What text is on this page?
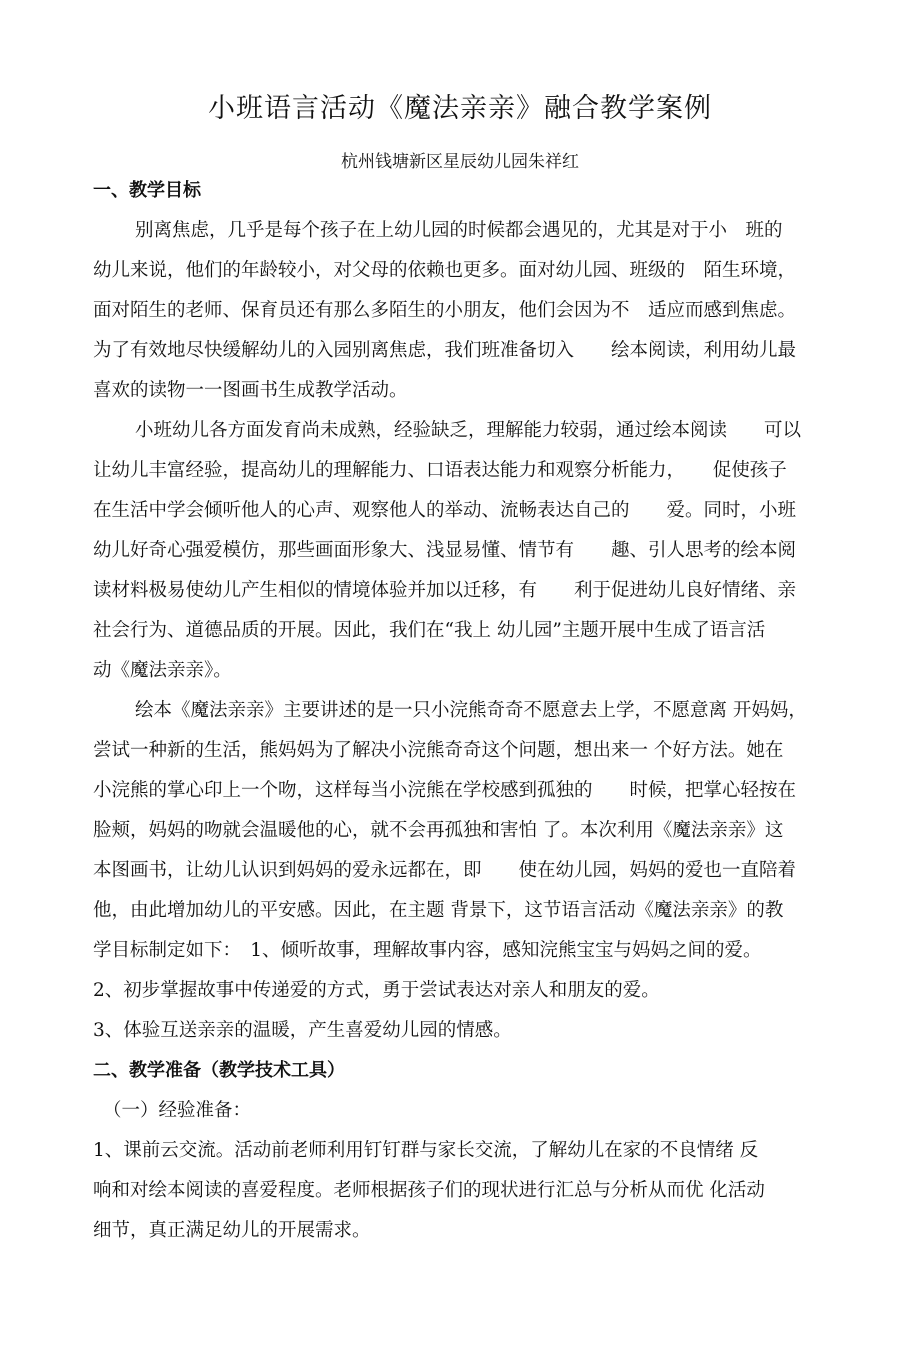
小班语言活动《魔法亲亲》融合教学案例
杭州钱塘新区星辰幼儿园朱祥红
一、教学目标
别离焦虑，几乎是每个孩子在上幼儿园的时候都会遇见的，尤其是对于小　班的
幼儿来说，他们的年龄较小，对父母的依赖也更多。面对幼儿园、班级的　陌生环境，
面对陌生的老师、保育员还有那么多陌生的小朋友，他们会因为不　适应而感到焦虑。
为了有效地尽快缓解幼儿的入园别离焦虑，我们班准备切入　　绘本阅读，利用幼儿最
喜欢的读物一一图画书生成教学活动。
小班幼儿各方面发育尚未成熟，经验缺乏，理解能力较弱，通过绘本阅读　　可以
让幼儿丰富经验，提高幼儿的理解能力、口语表达能力和观察分析能力，　　促使孩子
在生活中学会倾听他人的心声、观察他人的举动、流畅表达自己的　　爱。同时，小班
幼儿好奇心强爱模仿，那些画面形象大、浅显易懂、情节有　　趣、引人思考的绘本阅
读材料极易使幼儿产生相似的情境体验并加以迁移，有　　利于促进幼儿良好情绪、亲
社会行为、道德品质的开展。因此，我们在“我上 幼儿园”主题开展中生成了语言活
动《魔法亲亲》。
绘本《魔法亲亲》主要讲述的是一只小浣熊奇奇不愿意去上学，不愿意离 开妈妈，
尝试一种新的生活，熊妈妈为了解决小浣熊奇奇这个问题，想出来一 个好方法。她在
小浣熊的掌心印上一个吻，这样每当小浣熊在学校感到孤独的　　时候，把掌心轻按在
脸颊，妈妈的吻就会温暖他的心，就不会再孤独和害怕 了。本次利用《魔法亲亲》这
本图画书，让幼儿认识到妈妈的爱永远都在，即　　使在幼儿园，妈妈的爱也一直陪着
他，由此增加幼儿的平安感。因此，在主题 背景下，这节语言活动《魔法亲亲》的教
学目标制定如下：　1、倾听故事，理解故事内容，感知浣熊宝宝与妈妈之间的爱。
2、初步掌握故事中传递爱的方式，勇于尝试表达对亲人和朋友的爱。
3、体验互送亲亲的温暖，产生喜爱幼儿园的情感。
二、教学准备（教学技术工具）
（一）经验准备：
1、课前云交流。活动前老师利用钉钉群与家长交流，了解幼儿在家的不良情绪 反
响和对绘本阅读的喜爱程度。老师根据孩子们的现状进行汇总与分析从而优 化活动
细节，真正满足幼儿的开展需求。
